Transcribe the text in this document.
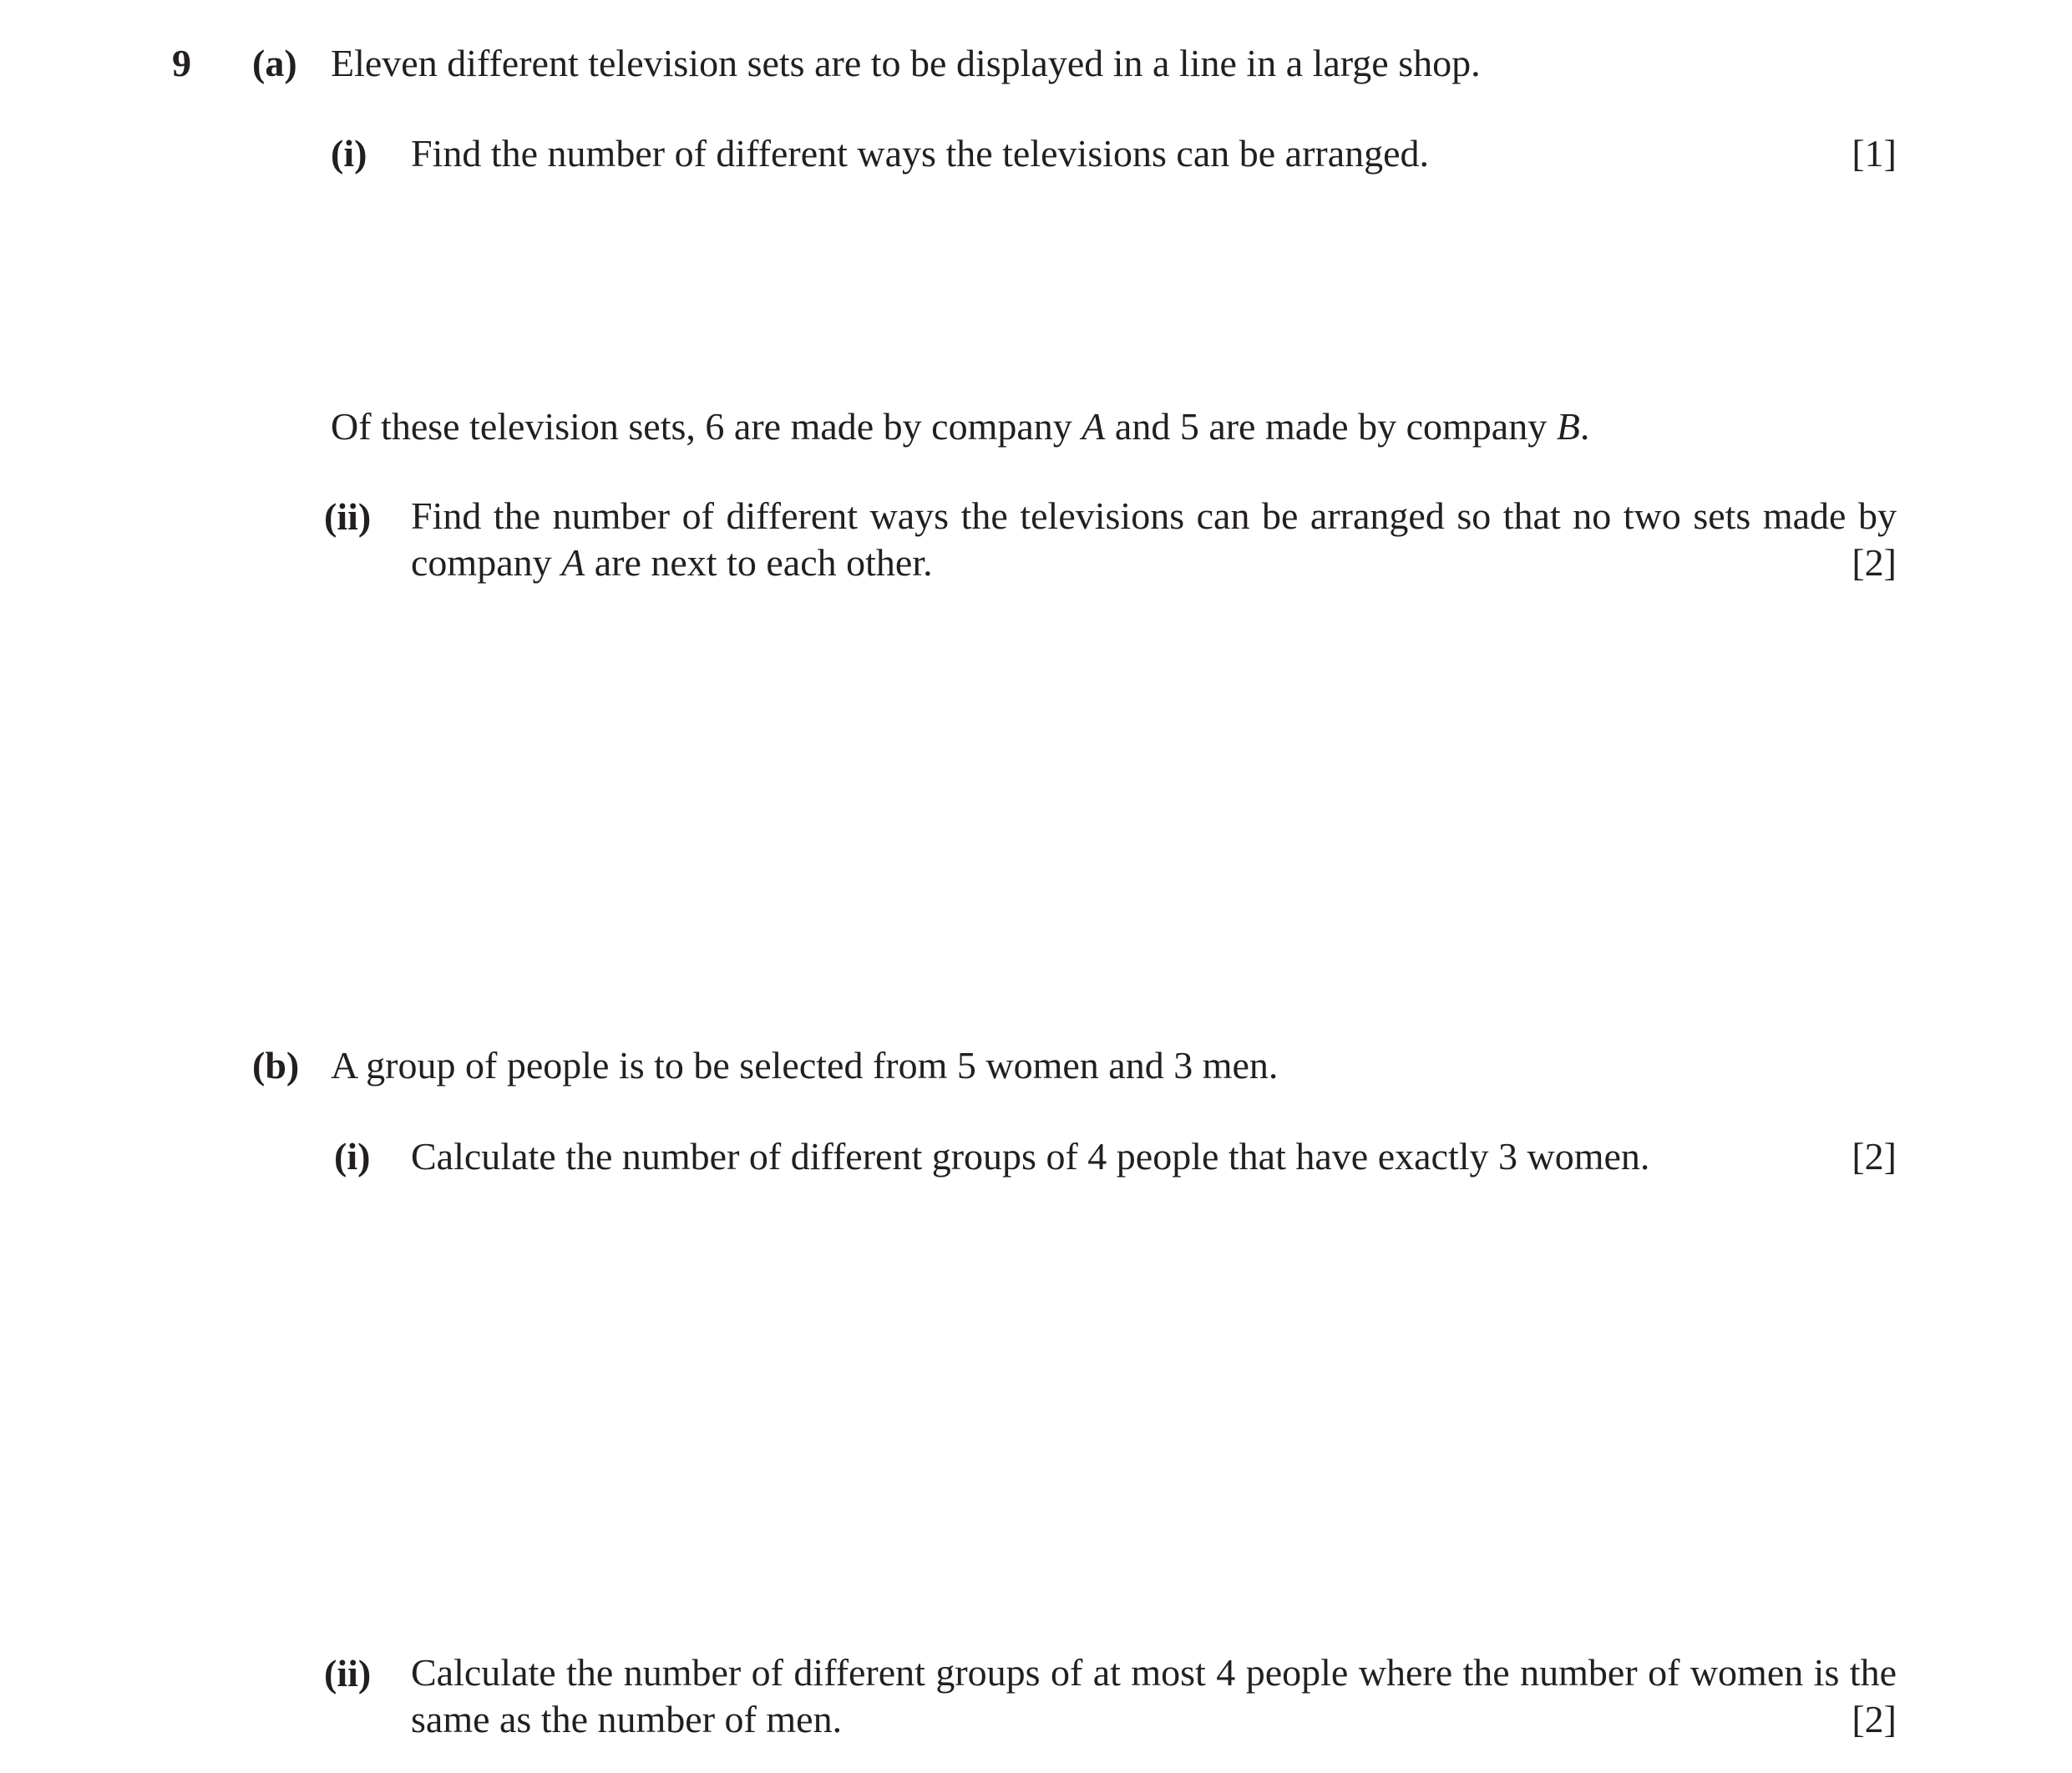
9 (a) Eleven different television sets are to be displayed in a line in a large shop.
(i) Find the number of different ways the televisions can be arranged.	[1]
Of these television sets, 6 are made by company A and 5 are made by company B.
(ii) Find the number of different ways the televisions can be arranged so that no two sets made by
company A are next to each other.	[2]
(b) A group of people is to be selected from 5 women and 3 men.
(i) Calculate the number of different groups of 4 people that have exactly 3 women.	[2]
(ii) Calculate the number of different groups of at most 4 people where the number of women is the
same as the number of men.	[2]
